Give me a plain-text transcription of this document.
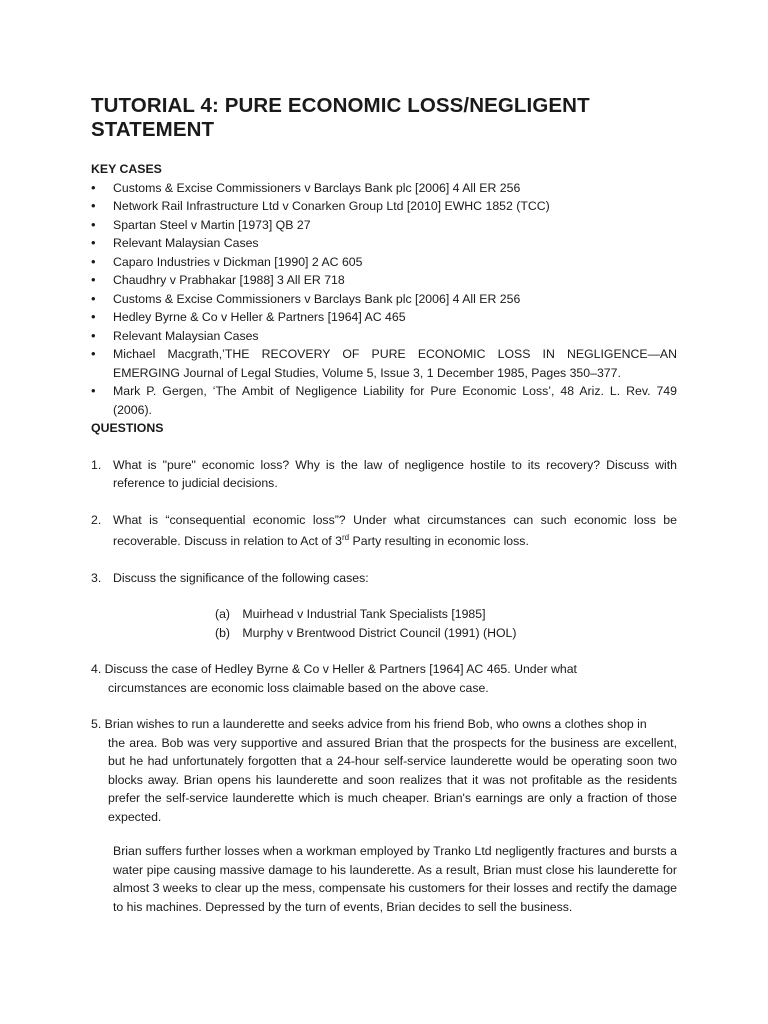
TUTORIAL 4: PURE ECONOMIC LOSS/NEGLIGENT STATEMENT
KEY CASES
• Customs & Excise Commissioners v Barclays Bank plc [2006] 4 All ER 256
• Network Rail Infrastructure Ltd v Conarken Group Ltd [2010] EWHC 1852 (TCC)
• Spartan Steel v Martin [1973] QB 27
• Relevant Malaysian Cases
• Caparo Industries v Dickman [1990] 2 AC 605
• Chaudhry v Prabhakar [1988] 3 All ER 718
• Customs & Excise Commissioners v Barclays Bank plc [2006] 4 All ER 256
• Hedley Byrne & Co v Heller & Partners [1964] AC 465
• Relevant Malaysian Cases
• Michael Macgrath,’THE RECOVERY OF PURE ECONOMIC LOSS IN NEGLIGENCE—AN EMERGING Journal of Legal Studies, Volume 5, Issue 3, 1 December 1985, Pages 350–377.
• Mark P. Gergen, ‘The Ambit of Negligence Liability for Pure Economic Loss’, 48 Ariz. L. Rev. 749 (2006).
QUESTIONS

1. What is "pure" economic loss? Why is the law of negligence hostile to its recovery? Discuss with reference to judicial decisions.

2. What is “consequential economic loss”? Under what circumstances can such economic loss be recoverable. Discuss in relation to Act of 3rd Party resulting in economic loss.

3. Discuss the significance of the following cases:

(a) Muirhead v Industrial Tank Specialists [1985]

(b) Murphy v Brentwood District Council (1991) (HOL)

4. Discuss the case of Hedley Byrne & Co v Heller & Partners [1964] AC 465. Under what

circumstances are economic loss claimable based on the above case.

5. Brian wishes to run a launderette and seeks advice from his friend Bob, who owns a clothes shop in

the area. Bob was very supportive and assured Brian that the prospects for the business are excellent, but he had unfortunately forgotten that a 24-hour self-service launderette would be operating soon two blocks away. Brian opens his launderette and soon realizes that it was not profitable as the residents prefer the self-service launderette which is much cheaper. Brian's earnings are only a fraction of those expected.

Brian suffers further losses when a workman employed by Tranko Ltd negligently fractures and bursts a water pipe causing massive damage to his launderette. As a result, Brian must close his launderette for almost 3 weeks to clear up the mess, compensate his customers for their losses and rectify the damage to his machines. Depressed by the turn of events, Brian decides to sell the business.
